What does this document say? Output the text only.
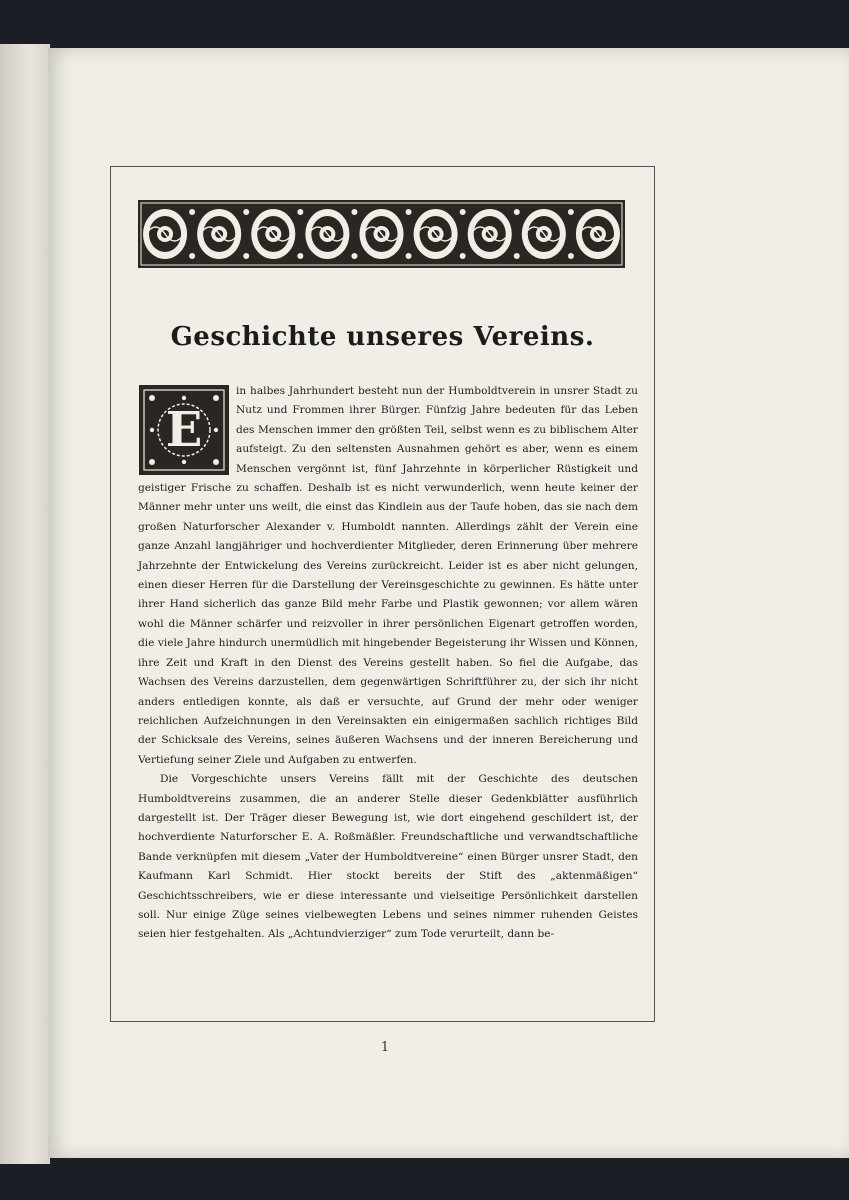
Geschichte unseres Vereins.
E

in halbes Jahrhundert besteht nun der Humboldtverein in unsrer Stadt zu Nutz und Frommen ihrer Bürger. Fünfzig Jahre bedeuten für das Leben des Menschen immer den größten Teil, selbst wenn es zu biblischem Alter aufsteigt. Zu den seltensten Ausnahmen gehört es aber, wenn es einem Menschen vergönnt ist, fünf Jahrzehnte in körperlicher Rüstigkeit und geistiger Frische zu schaffen. Deshalb ist es nicht verwunderlich, wenn heute keiner der Männer mehr unter uns weilt, die einst das Kindlein aus der Taufe hoben, das sie nach dem großen Naturforscher Alexander v. Humboldt nannten. Allerdings zählt der Verein eine ganze Anzahl langjähriger und hochverdienter Mitglieder, deren Erinnerung über mehrere Jahrzehnte der Entwickelung des Vereins zurückreicht. Leider ist es aber nicht gelungen, einen dieser Herren für die Darstellung der Vereinsgeschichte zu gewinnen. Es hätte unter ihrer Hand sicherlich das ganze Bild mehr Farbe und Plastik gewonnen; vor allem wären wohl die Männer schärfer und reizvoller in ihrer persönlichen Eigenart getroffen worden, die viele Jahre hindurch unermüdlich mit hingebender Begeisterung ihr Wissen und Können, ihre Zeit und Kraft in den Dienst des Vereins gestellt haben. So fiel die Aufgabe, das Wachsen des Vereins darzustellen, dem gegenwärtigen Schriftführer zu, der sich ihr nicht anders entledigen konnte, als daß er versuchte, auf Grund der mehr oder weniger reichlichen Aufzeichnungen in den Vereinsakten ein einigermaßen sachlich richtiges Bild der Schicksale des Vereins, seines äußeren Wachsens und der inneren Bereicherung und Vertiefung seiner Ziele und Aufgaben zu entwerfen.

Die Vorgeschichte unsers Vereins fällt mit der Geschichte des deutschen Humboldtvereins zusammen, die an anderer Stelle dieser Gedenkblätter ausführlich dargestellt ist. Der Träger dieser Bewegung ist, wie dort eingehend geschildert ist, der hochverdiente Naturforscher E. A. Roßmäßler. Freundschaftliche und verwandtschaftliche Bande verknüpfen mit diesem „Vater der Humboldtvereine“ einen Bürger unsrer Stadt, den Kaufmann Karl Schmidt. Hier stockt bereits der Stift des „aktenmäßigen“ Geschichtsschreibers, wie er diese interessante und vielseitige Persönlichkeit darstellen soll. Nur einige Züge seines vielbewegten Lebens und seines nimmer ruhenden Geistes seien hier festgehalten. Als „Achtundvierziger“ zum Tode verurteilt, dann be-

1
